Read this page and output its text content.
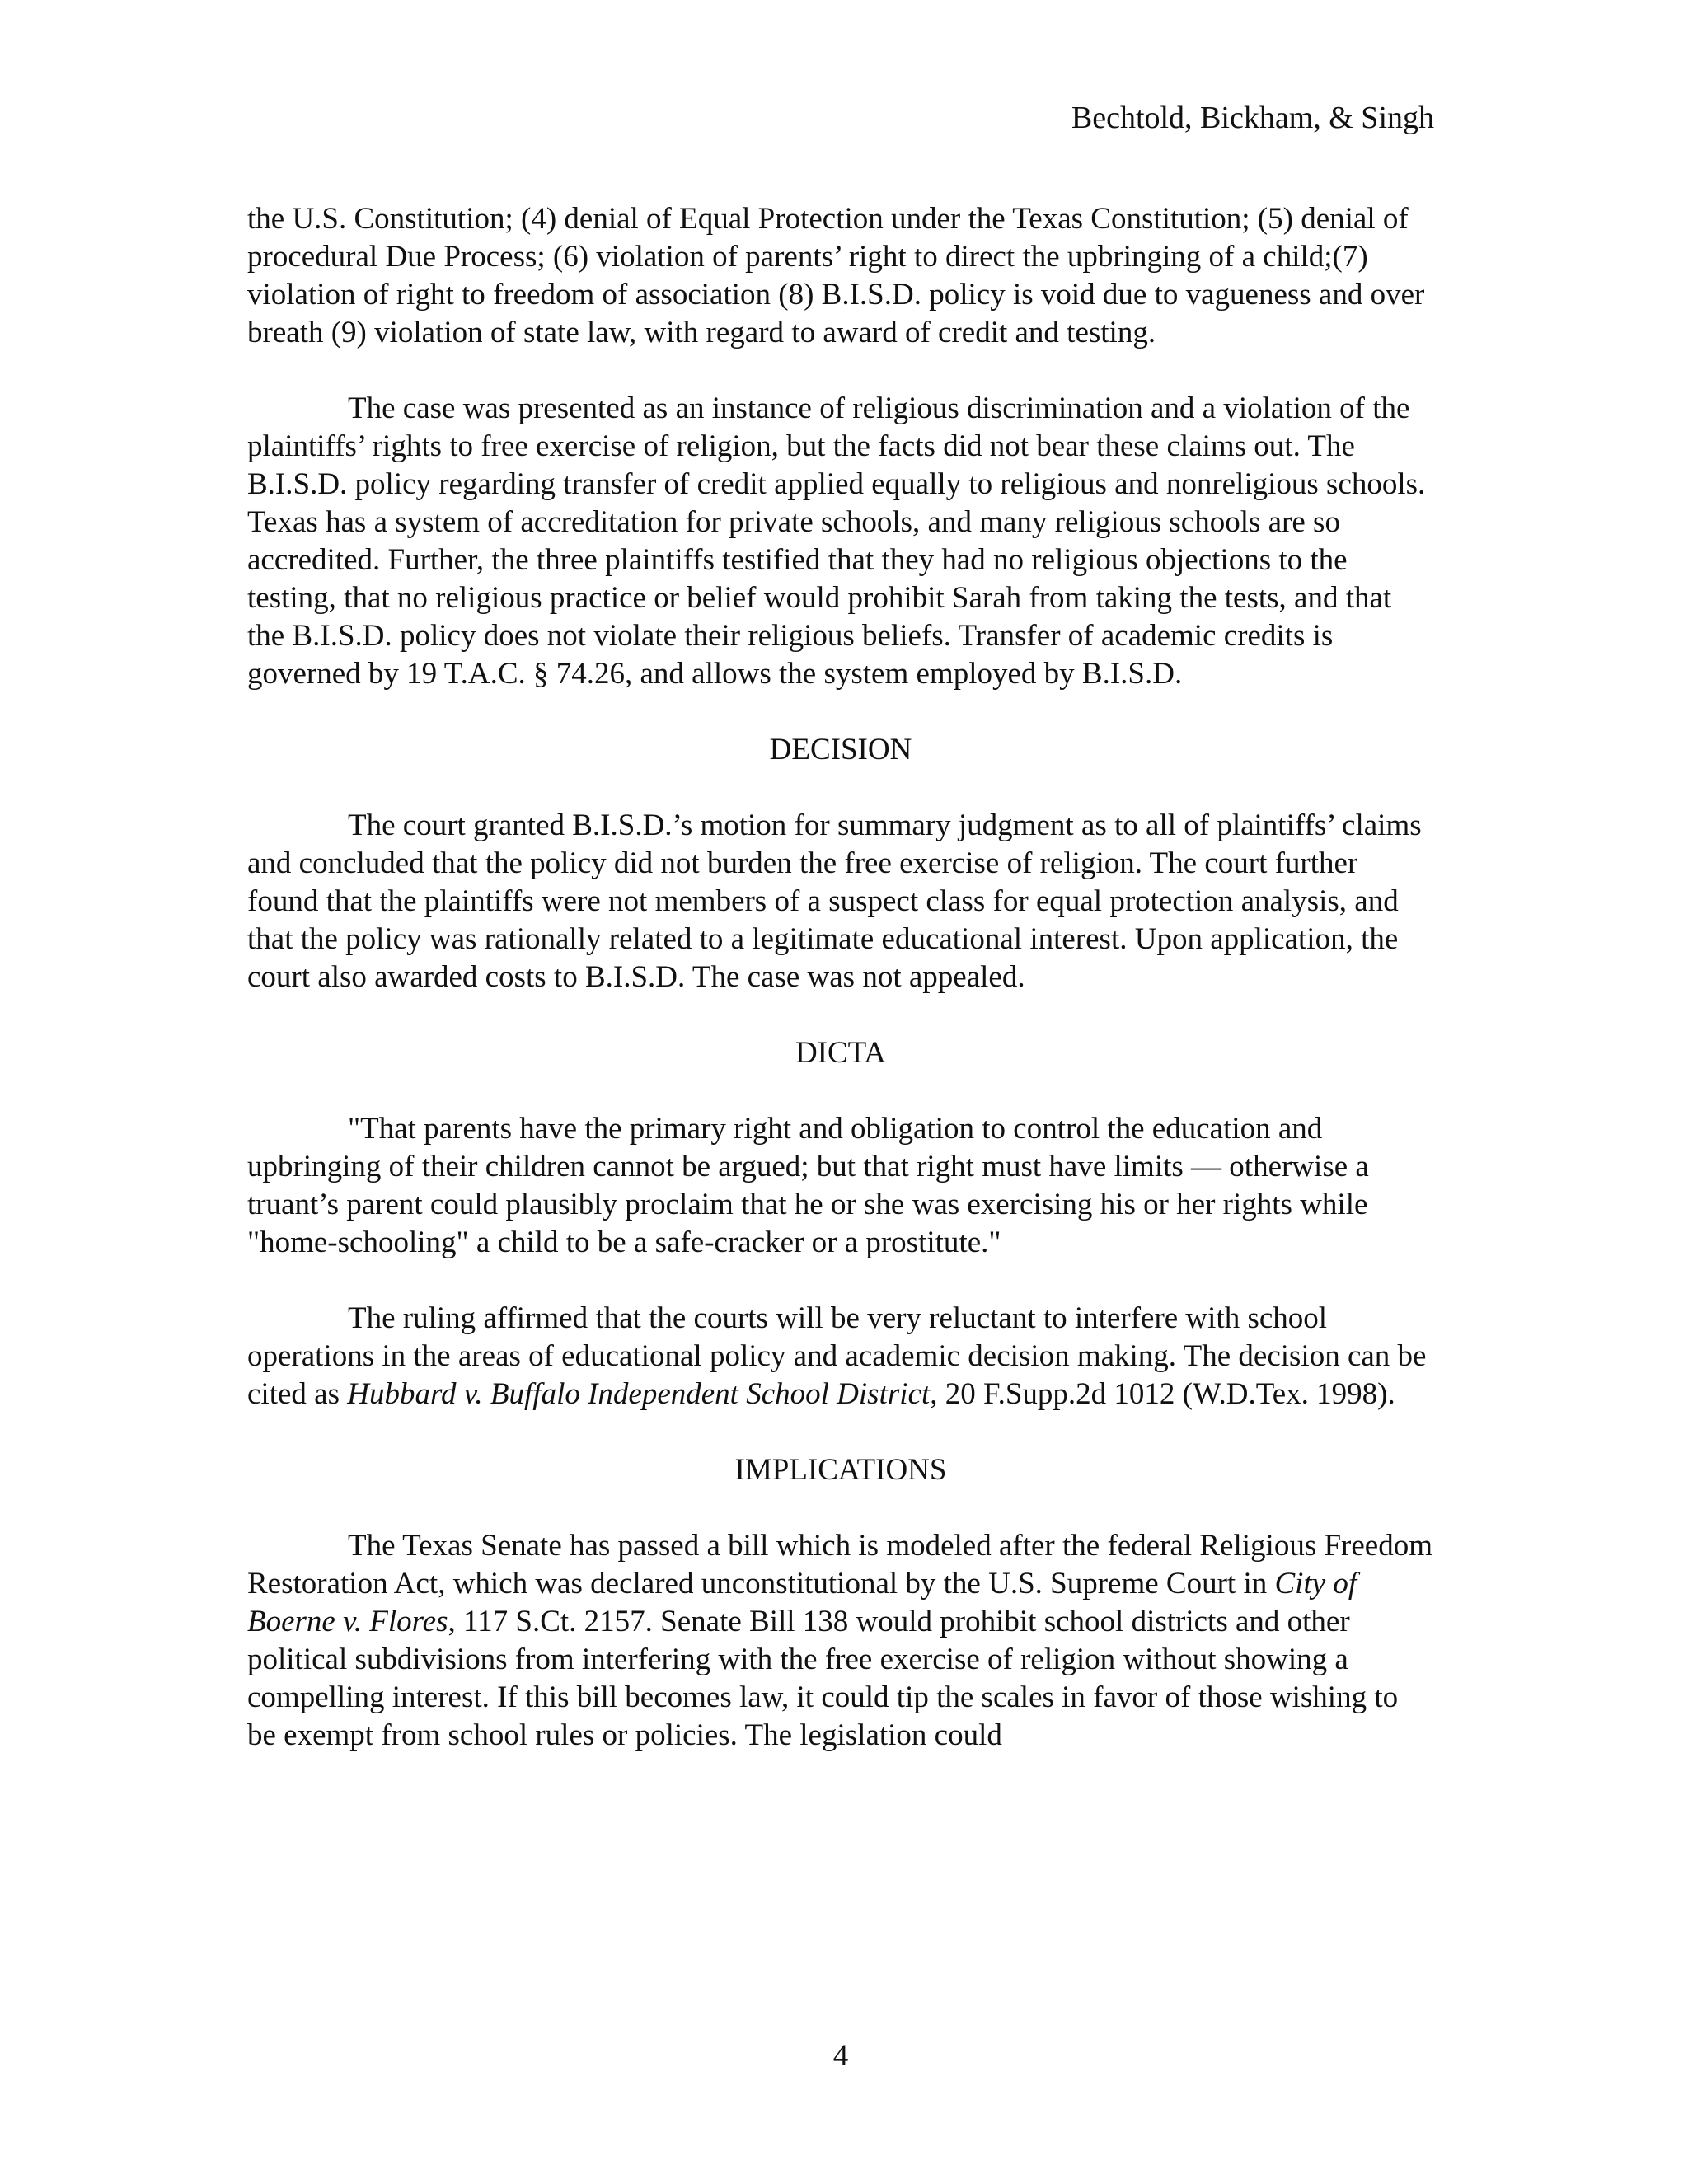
Bechtold, Bickham, & Singh

the U.S. Constitution; (4) denial of Equal Protection under the Texas Constitution; (5) denial of procedural Due Process; (6) violation of parents’ right to direct the upbringing of a child;(7) violation of right to freedom of association (8) B.I.S.D. policy is void due to vagueness and over breath (9) violation of state law, with regard to award of credit and testing.

The case was presented as an instance of religious discrimination and a violation of the plaintiffs’ rights to free exercise of religion, but the facts did not bear these claims out. The B.I.S.D. policy regarding transfer of credit applied equally to religious and nonreligious schools. Texas has a system of accreditation for private schools, and many religious schools are so accredited. Further, the three plaintiffs testified that they had no religious objections to the testing, that no religious practice or belief would prohibit Sarah from taking the tests, and that the B.I.S.D. policy does not violate their religious beliefs. Transfer of academic credits is governed by 19 T.A.C. § 74.26, and allows the system employed by B.I.S.D.

DECISION

The court granted B.I.S.D.’s motion for summary judgment as to all of plaintiffs’ claims and concluded that the policy did not burden the free exercise of religion. The court further found that the plaintiffs were not members of a suspect class for equal protection analysis, and that the policy was rationally related to a legitimate educational interest. Upon application, the court also awarded costs to B.I.S.D. The case was not appealed.

DICTA

"That parents have the primary right and obligation to control the education and upbringing of their children cannot be argued; but that right must have limits — otherwise a truant’s parent could plausibly proclaim that he or she was exercising his or her rights while "home-schooling" a child to be a safe-cracker or a prostitute."

The ruling affirmed that the courts will be very reluctant to interfere with school operations in the areas of educational policy and academic decision making. The decision can be cited as Hubbard v. Buffalo Independent School District, 20 F.Supp.2d 1012 (W.D.Tex. 1998).

IMPLICATIONS

The Texas Senate has passed a bill which is modeled after the federal Religious Freedom Restoration Act, which was declared unconstitutional by the U.S. Supreme Court in City of Boerne v. Flores, 117 S.Ct. 2157. Senate Bill 138 would prohibit school districts and other political subdivisions from interfering with the free exercise of religion without showing a compelling interest. If this bill becomes law, it could tip the scales in favor of those wishing to be exempt from school rules or policies. The legislation could

4
